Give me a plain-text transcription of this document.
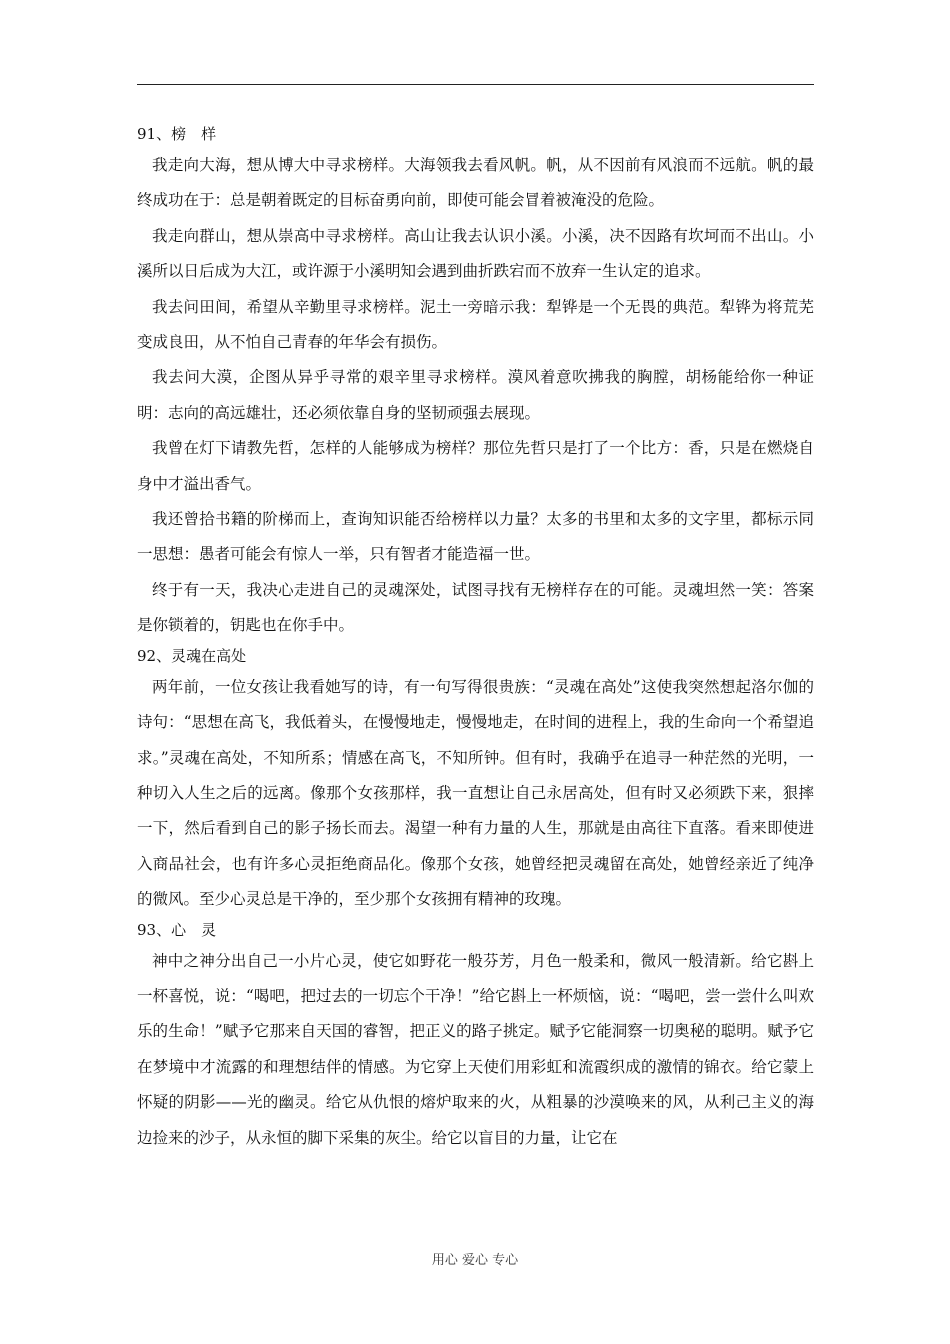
91、榜　样

我走向大海，想从博大中寻求榜样。大海领我去看风帆。帆，从不因前有风浪而不远航。帆的最终成功在于：总是朝着既定的目标奋勇向前，即使可能会冒着被淹没的危险。

我走向群山，想从崇高中寻求榜样。高山让我去认识小溪。小溪，决不因路有坎坷而不出山。小溪所以日后成为大江，或许源于小溪明知会遇到曲折跌宕而不放弃一生认定的追求。

我去问田间，希望从辛勤里寻求榜样。泥土一旁暗示我：犁铧是一个无畏的典范。犁铧为将荒芜变成良田，从不怕自己青春的年华会有损伤。

我去问大漠，企图从异乎寻常的艰辛里寻求榜样。漠风着意吹拂我的胸膛，胡杨能给你一种证明：志向的高远雄壮，还必须依靠自身的坚韧顽强去展现。

我曾在灯下请教先哲，怎样的人能够成为榜样？那位先哲只是打了一个比方：香，只是在燃烧自身中才溢出香气。

我还曾拾书籍的阶梯而上，查询知识能否给榜样以力量？太多的书里和太多的文字里，都标示同一思想：愚者可能会有惊人一举，只有智者才能造福一世。

终于有一天，我决心走进自己的灵魂深处，试图寻找有无榜样存在的可能。灵魂坦然一笑：答案是你锁着的，钥匙也在你手中。

92、灵魂在高处

两年前，一位女孩让我看她写的诗，有一句写得很贵族：“灵魂在高处”这使我突然想起洛尔伽的诗句：“思想在高飞，我低着头，在慢慢地走，慢慢地走，在时间的进程上，我的生命向一个希望追求。”灵魂在高处，不知所系；情感在高飞，不知所钟。但有时，我确乎在追寻一种茫然的光明，一种切入人生之后的远离。像那个女孩那样，我一直想让自己永居高处，但有时又必须跌下来，狠摔一下，然后看到自己的影子扬长而去。渴望一种有力量的人生，那就是由高往下直落。看来即使进入商品社会，也有许多心灵拒绝商品化。像那个女孩，她曾经把灵魂留在高处，她曾经亲近了纯净的微风。至少心灵总是干净的，至少那个女孩拥有精神的玫瑰。

93、心　灵

神中之神分出自己一小片心灵，使它如野花一般芬芳，月色一般柔和，微风一般清新。给它斟上一杯喜悦，说：“喝吧，把过去的一切忘个干净！”给它斟上一杯烦恼，说：“喝吧，尝一尝什么叫欢乐的生命！”赋予它那来自天国的睿智，把正义的路子挑定。赋予它能洞察一切奥秘的聪明。赋予它在梦境中才流露的和理想结伴的情感。为它穿上天使们用彩虹和流霞织成的激情的锦衣。给它蒙上怀疑的阴影——光的幽灵。给它从仇恨的熔炉取来的火，从粗暴的沙漠唤来的风，从利己主义的海边捡来的沙子，从永恒的脚下采集的灰尘。给它以盲目的力量，让它在

用心 爱心 专心
